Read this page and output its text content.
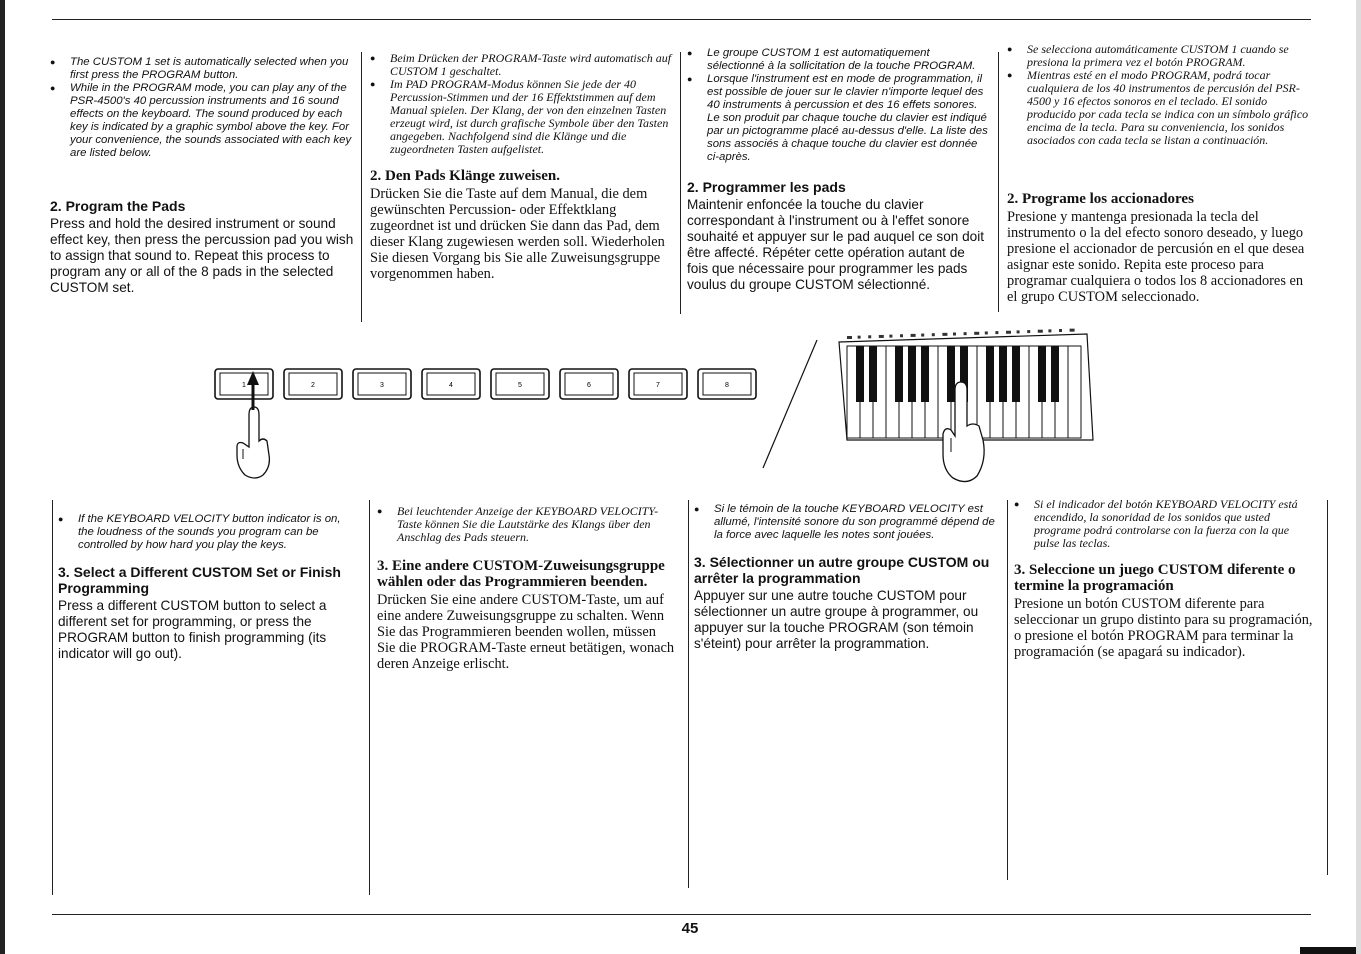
● The CUSTOM 1 set is automatically selected when you first press the PROGRAM button.
● While in the PROGRAM mode, you can play any of the PSR-4500's 40 percussion instruments and 16 sound effects on the keyboard. The sound produced by each key is indicated by a graphic symbol above the key. For your convenience, the sounds associated with each key are listed below.
2. Program the Pads

Press and hold the desired instrument or sound effect key, then press the percussion pad you wish to assign that sound to. Repeat this process to program any or all of the 8 pads in the selected CUSTOM set.

● Beim Drücken der PROGRAM-Taste wird automatisch auf CUSTOM 1 geschaltet.
● Im PAD PROGRAM-Modus können Sie jede der 40 Percussion-Stimmen und der 16 Effektstimmen auf dem Manual spielen. Der Klang, der von den einzelnen Tasten erzeugt wird, ist durch grafische Symbole über den Tasten angegeben. Nachfolgend sind die Klänge und die zugeordneten Tasten aufgelistet.
2. Den Pads Klänge zuweisen.

Drücken Sie die Taste auf dem Manual, die dem gewünschten Percussion- oder Effektklang zugeordnet ist und drücken Sie dann das Pad, dem dieser Klang zugewiesen werden soll. Wiederholen Sie diesen Vorgang bis Sie alle Zuweisungsgruppe vorgenommen haben.

● Le groupe CUSTOM 1 est automatiquement sélectionné à la sollicitation de la touche PROGRAM.
● Lorsque l'instrument est en mode de programmation, il est possible de jouer sur le clavier n'importe lequel des 40 instruments à percussion et des 16 effets sonores. Le son produit par chaque touche du clavier est indiqué par un pictogramme placé au-dessus d'elle. La liste des sons associés à chaque touche du clavier est donnée ci-après.
2. Programmer les pads

Maintenir enfoncée la touche du clavier correspondant à l'instrument ou à l'effet sonore souhaité et appuyer sur le pad auquel ce son doit être affecté. Répéter cette opération autant de fois que nécessaire pour programmer les pads voulus du groupe CUSTOM sélectionné.

● Se selecciona automáticamente CUSTOM 1 cuando se presiona la primera vez el botón PROGRAM.
● Mientras esté en el modo PROGRAM, podrá tocar cualquiera de los 40 instrumentos de percusión del PSR-4500 y 16 efectos sonoros en el teclado. El sonido producido por cada tecla se indica con un símbolo gráfico encima de la tecla. Para su conveniencia, los sonidos asociados con cada tecla se listan a continuación.
2. Programe los accionadores

Presione y mantenga presionada la tecla del instrumento o la del efecto sonoro deseado, y luego presione el accionador de percusión en el que desea asignar este sonido. Repita este proceso para programar cualquiera o todos los 8 accionadores en el grupo CUSTOM seleccionado.

1	2	3	4	5	6	7	8
● If the KEYBOARD VELOCITY button indicator is on, the loudness of the sounds you program can be controlled by how hard you play the keys.
3. Select a Different CUSTOM Set or Finish Programming

Press a different CUSTOM button to select a different set for programming, or press the PROGRAM button to finish programming (its indicator will go out).

● Bei leuchtender Anzeige der KEYBOARD VELOCITY-Taste können Sie die Lautstärke des Klangs über den Anschlag des Pads steuern.
3. Eine andere CUSTOM-Zuweisungsgruppe wählen oder das Programmieren beenden.

Drücken Sie eine andere CUSTOM-Taste, um auf eine andere Zuweisungsgruppe zu schalten. Wenn Sie das Programmieren beenden wollen, müssen Sie die PROGRAM-Taste erneut betätigen, wonach deren Anzeige erlischt.

● Si le témoin de la touche KEYBOARD VELOCITY est allumé, l'intensité sonore du son programmé dépend de la force avec laquelle les notes sont jouées.
3. Sélectionner un autre groupe CUSTOM ou arrêter la programmation

Appuyer sur une autre touche CUSTOM pour sélectionner un autre groupe à programmer, ou appuyer sur la touche PROGRAM (son témoin s'éteint) pour arrêter la programmation.

● Si el indicador del botón KEYBOARD VELOCITY está encendido, la sonoridad de los sonidos que usted programe podrá controlarse con la fuerza con la que pulse las teclas.
3. Seleccione un juego CUSTOM diferente o termine la programación

Presione un botón CUSTOM diferente para seleccionar un grupo distinto para su programación, o presione el botón PROGRAM para terminar la programación (se apagará su indicador).

45
